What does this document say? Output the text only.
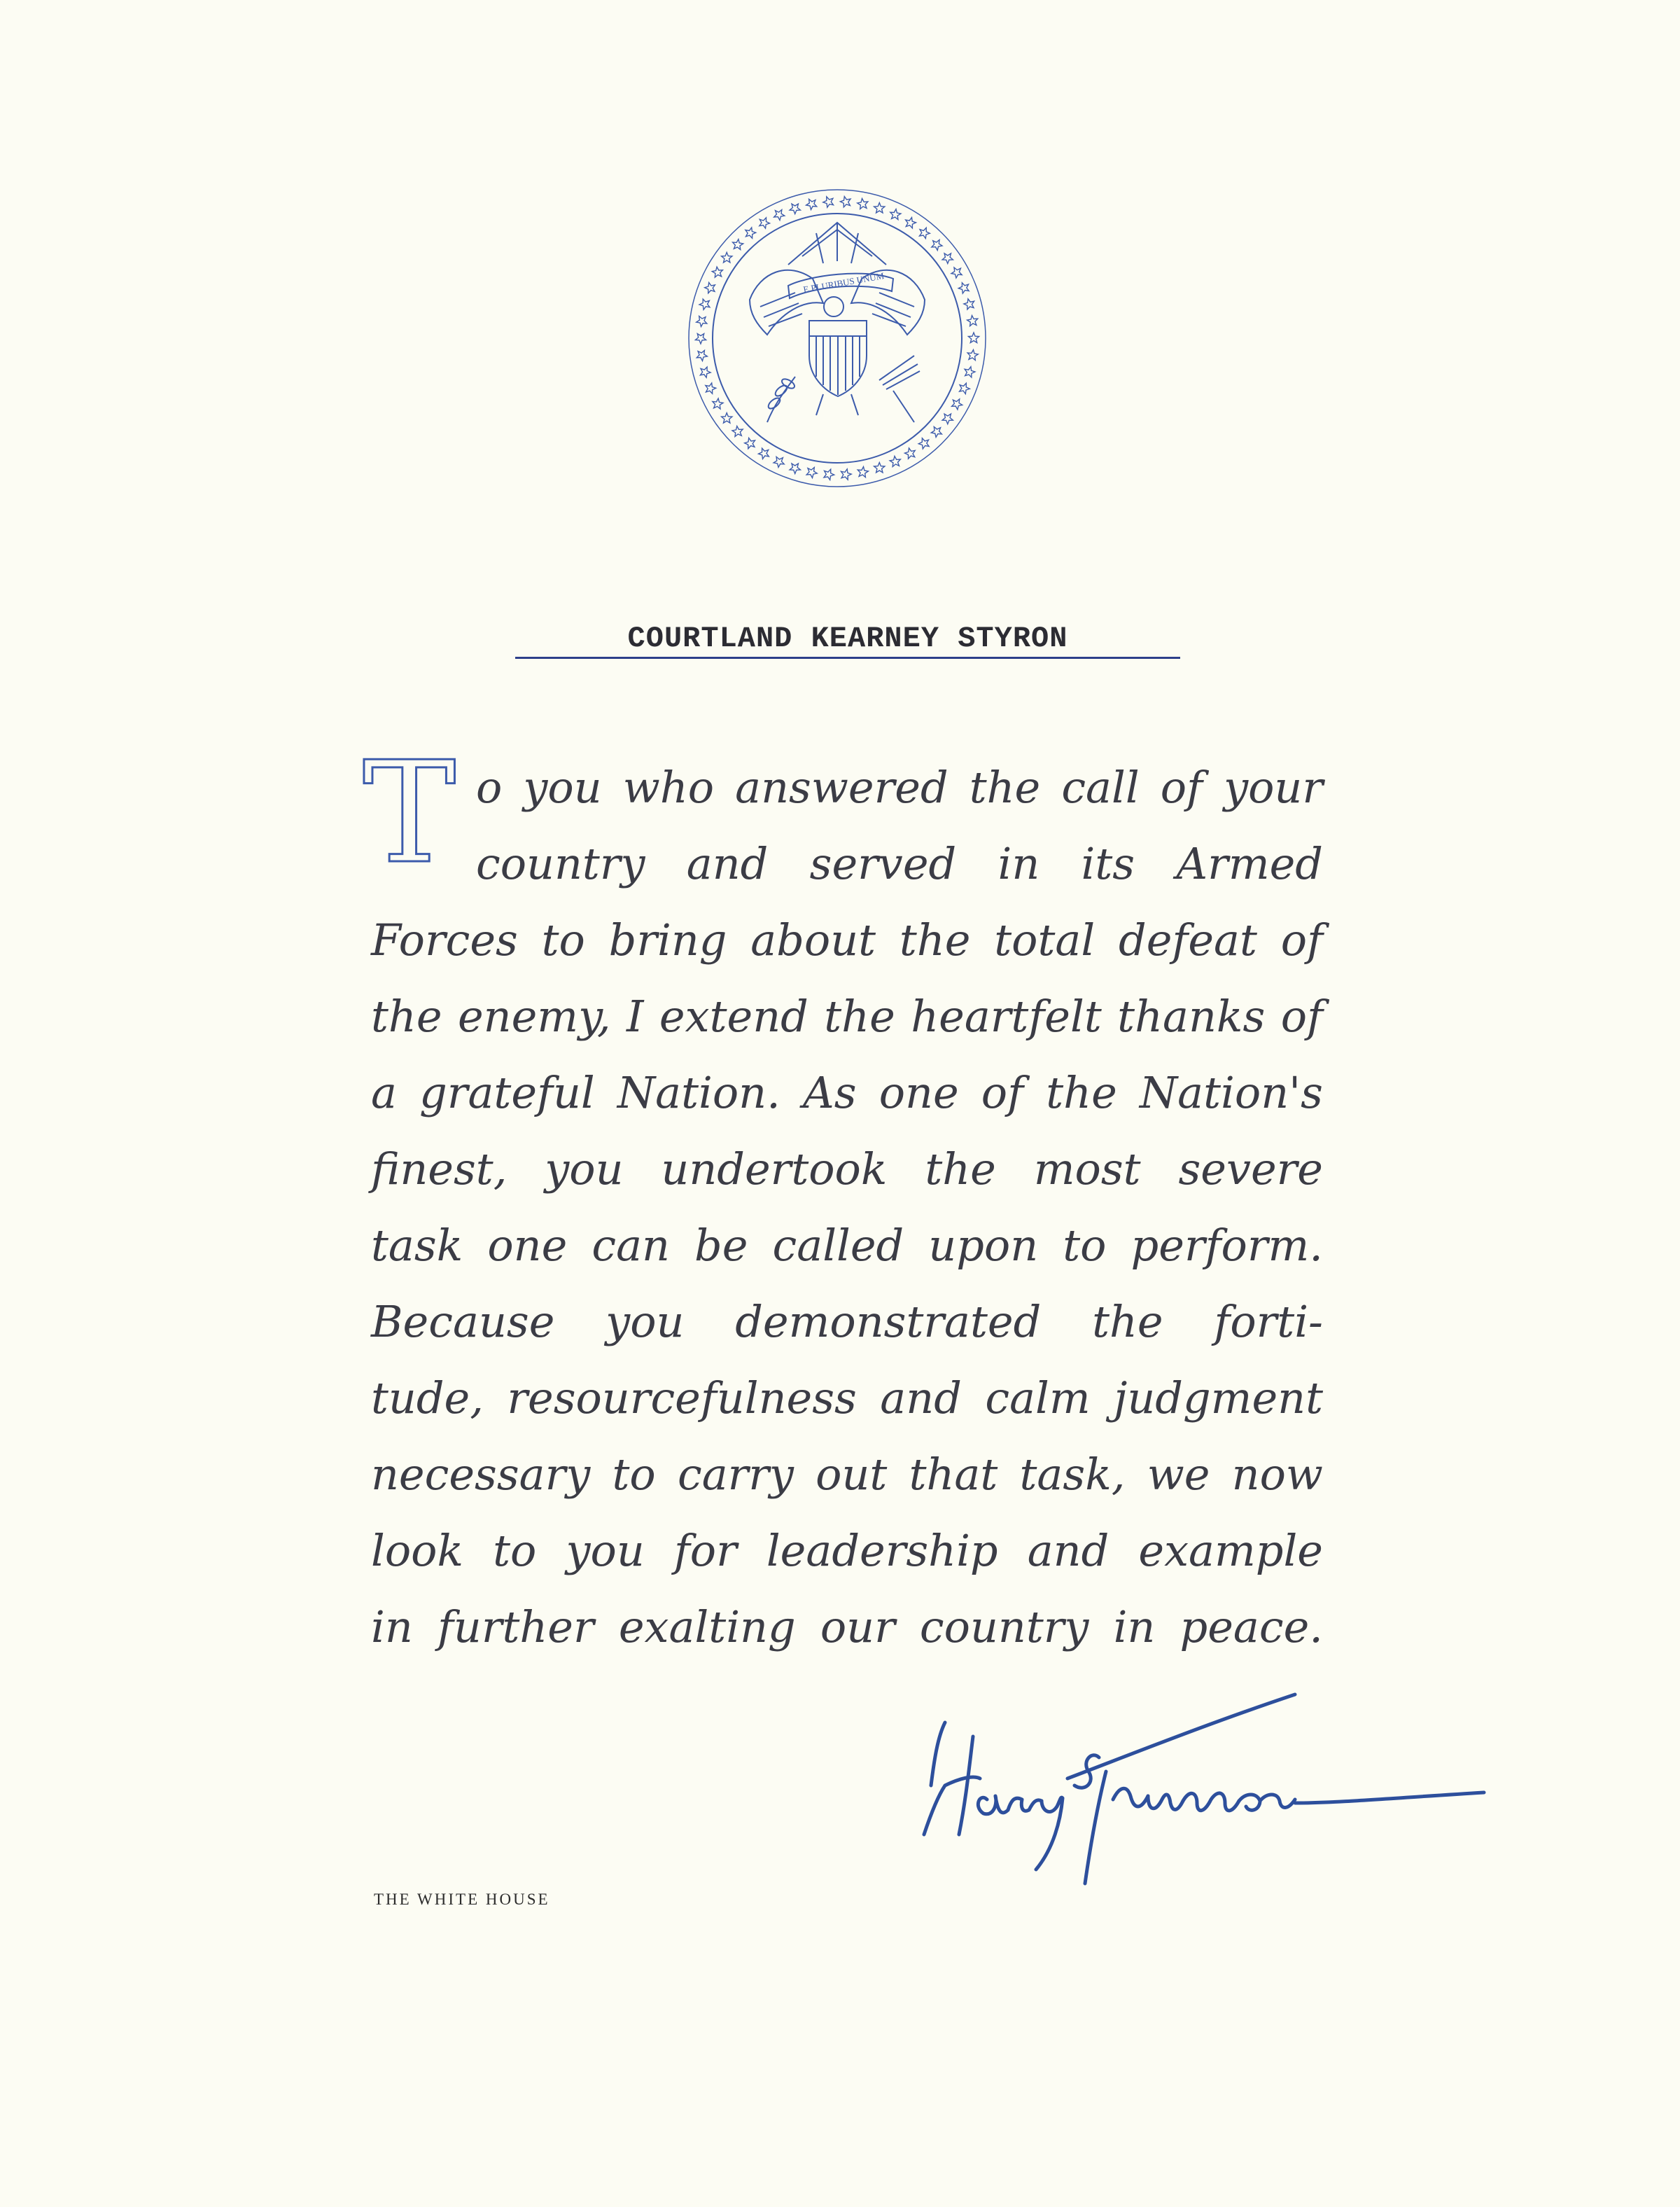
E PLURIBUS UNUM
COURTLAND KEARNEY STYRON
T o you who answered the call of your
country and served in its Armed
Forces to bring about the total defeat of
the enemy, I extend the heartfelt thanks of
a grateful Nation. As one of the Nation's
finest, you undertook the most severe
task one can be called upon to perform.
Because you demonstrated the forti-
tude, resourcefulness and calm judgment
necessary to carry out that task, we now
look to you for leadership and example
in further exalting our country in peace.
THE WHITE HOUSE
